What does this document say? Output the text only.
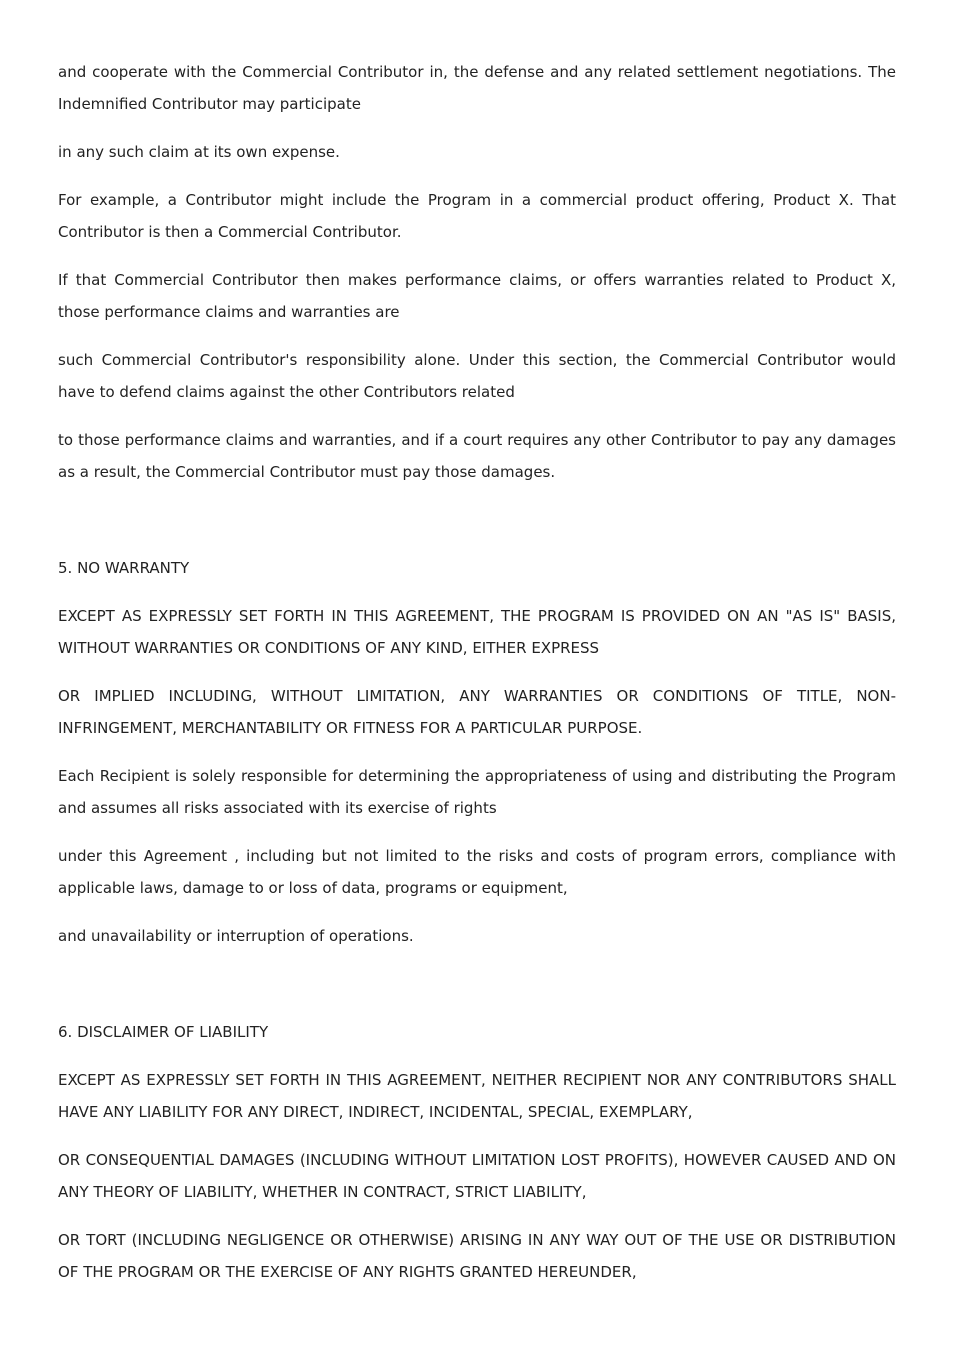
and cooperate with the Commercial Contributor in, the defense and any related settlement negotiations. The Indemnified Contributor may participate

in any such claim at its own expense.

For example, a Contributor might include the Program in a commercial product offering, Product X. That Contributor is then a Commercial Contributor.

If that Commercial Contributor then makes performance claims, or offers warranties related to Product X, those performance claims and warranties are

such Commercial Contributor's responsibility alone. Under this section, the Commercial Contributor would have to defend claims against the other Contributors related

to those performance claims and warranties, and if a court requires any other Contributor to pay any damages as a result, the Commercial Contributor must pay those damages.

5. NO WARRANTY

EXCEPT AS EXPRESSLY SET FORTH IN THIS AGREEMENT, THE PROGRAM IS PROVIDED ON AN "AS IS" BASIS, WITHOUT WARRANTIES OR CONDITIONS OF ANY KIND, EITHER EXPRESS

OR IMPLIED INCLUDING, WITHOUT LIMITATION, ANY WARRANTIES OR CONDITIONS OF TITLE, NON-INFRINGEMENT, MERCHANTABILITY OR FITNESS FOR A PARTICULAR PURPOSE.

Each Recipient is solely responsible for determining the appropriateness of using and distributing the Program and assumes all risks associated with its exercise of rights

under this Agreement , including but not limited to the risks and costs of program errors, compliance with applicable laws, damage to or loss of data, programs or equipment,

and unavailability or interruption of operations.

6. DISCLAIMER OF LIABILITY

EXCEPT AS EXPRESSLY SET FORTH IN THIS AGREEMENT, NEITHER RECIPIENT NOR ANY CONTRIBUTORS SHALL HAVE ANY LIABILITY FOR ANY DIRECT, INDIRECT, INCIDENTAL, SPECIAL, EXEMPLARY,

OR CONSEQUENTIAL DAMAGES (INCLUDING WITHOUT LIMITATION LOST PROFITS), HOWEVER CAUSED AND ON ANY THEORY OF LIABILITY, WHETHER IN CONTRACT, STRICT LIABILITY,

OR TORT (INCLUDING NEGLIGENCE OR OTHERWISE) ARISING IN ANY WAY OUT OF THE USE OR DISTRIBUTION OF THE PROGRAM OR THE EXERCISE OF ANY RIGHTS GRANTED HEREUNDER,
